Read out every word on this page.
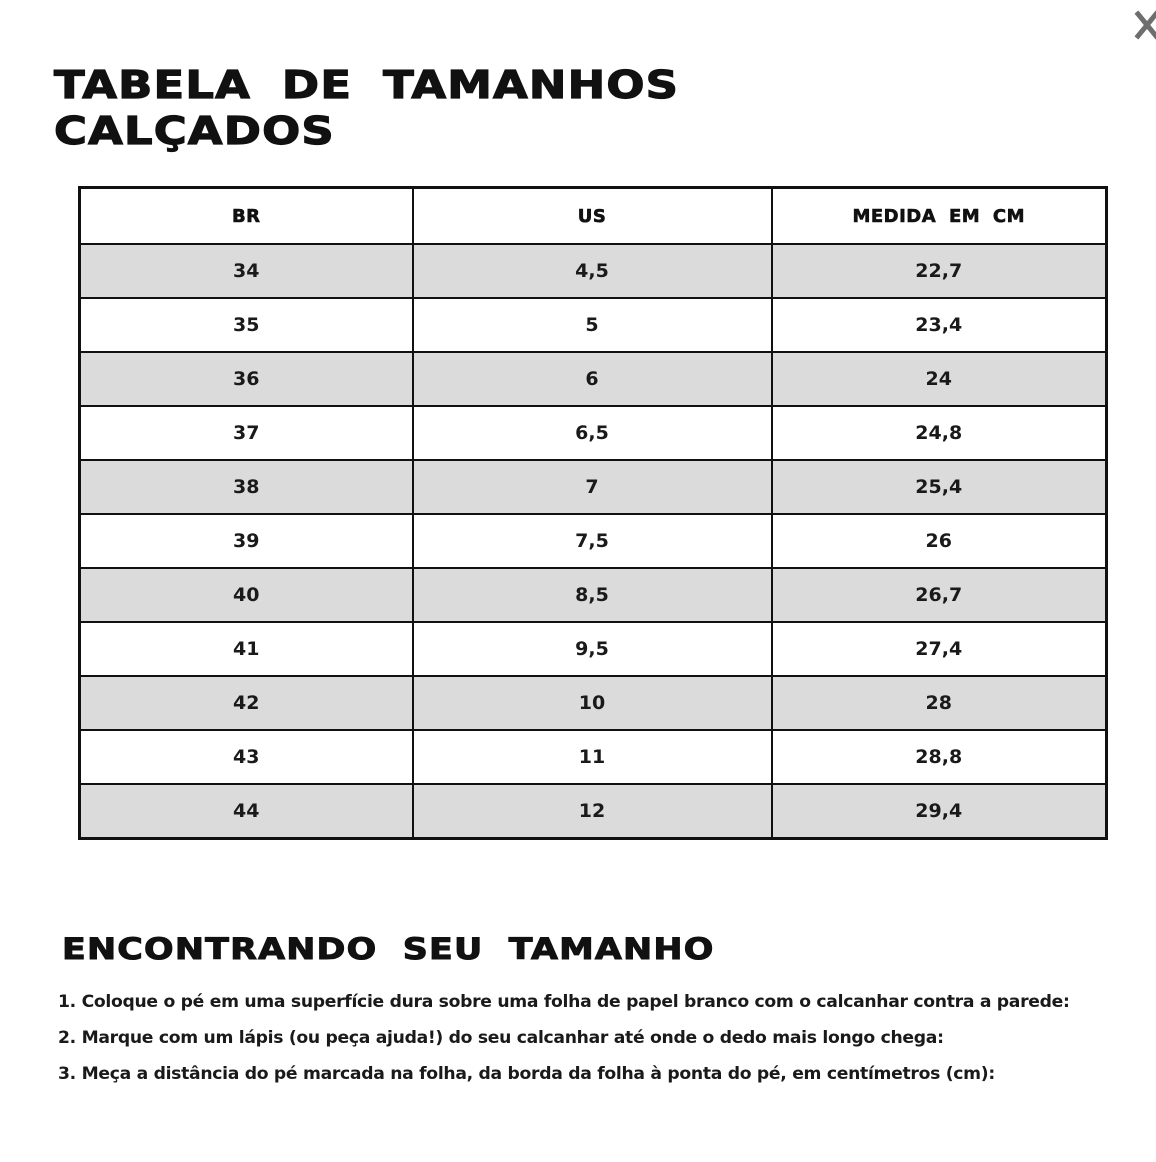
TABELA DE TAMANHOS
CALÇADOS
BR	US	MEDIDA EM CM
34	4,5	22,7
35	5	23,4
36	6	24
37	6,5	24,8
38	7	25,4
39	7,5	26
40	8,5	26,7
41	9,5	27,4
42	10	28
43	11	28,8
44	12	29,4
ENCONTRANDO SEU TAMANHO
1. Coloque o pé em uma superfície dura sobre uma folha de papel branco com o calcanhar contra a parede:
2. Marque com um lápis (ou peça ajuda!) do seu calcanhar até onde o dedo mais longo chega:
3. Meça a distância do pé marcada na folha, da borda da folha à ponta do pé, em centímetros (cm):
